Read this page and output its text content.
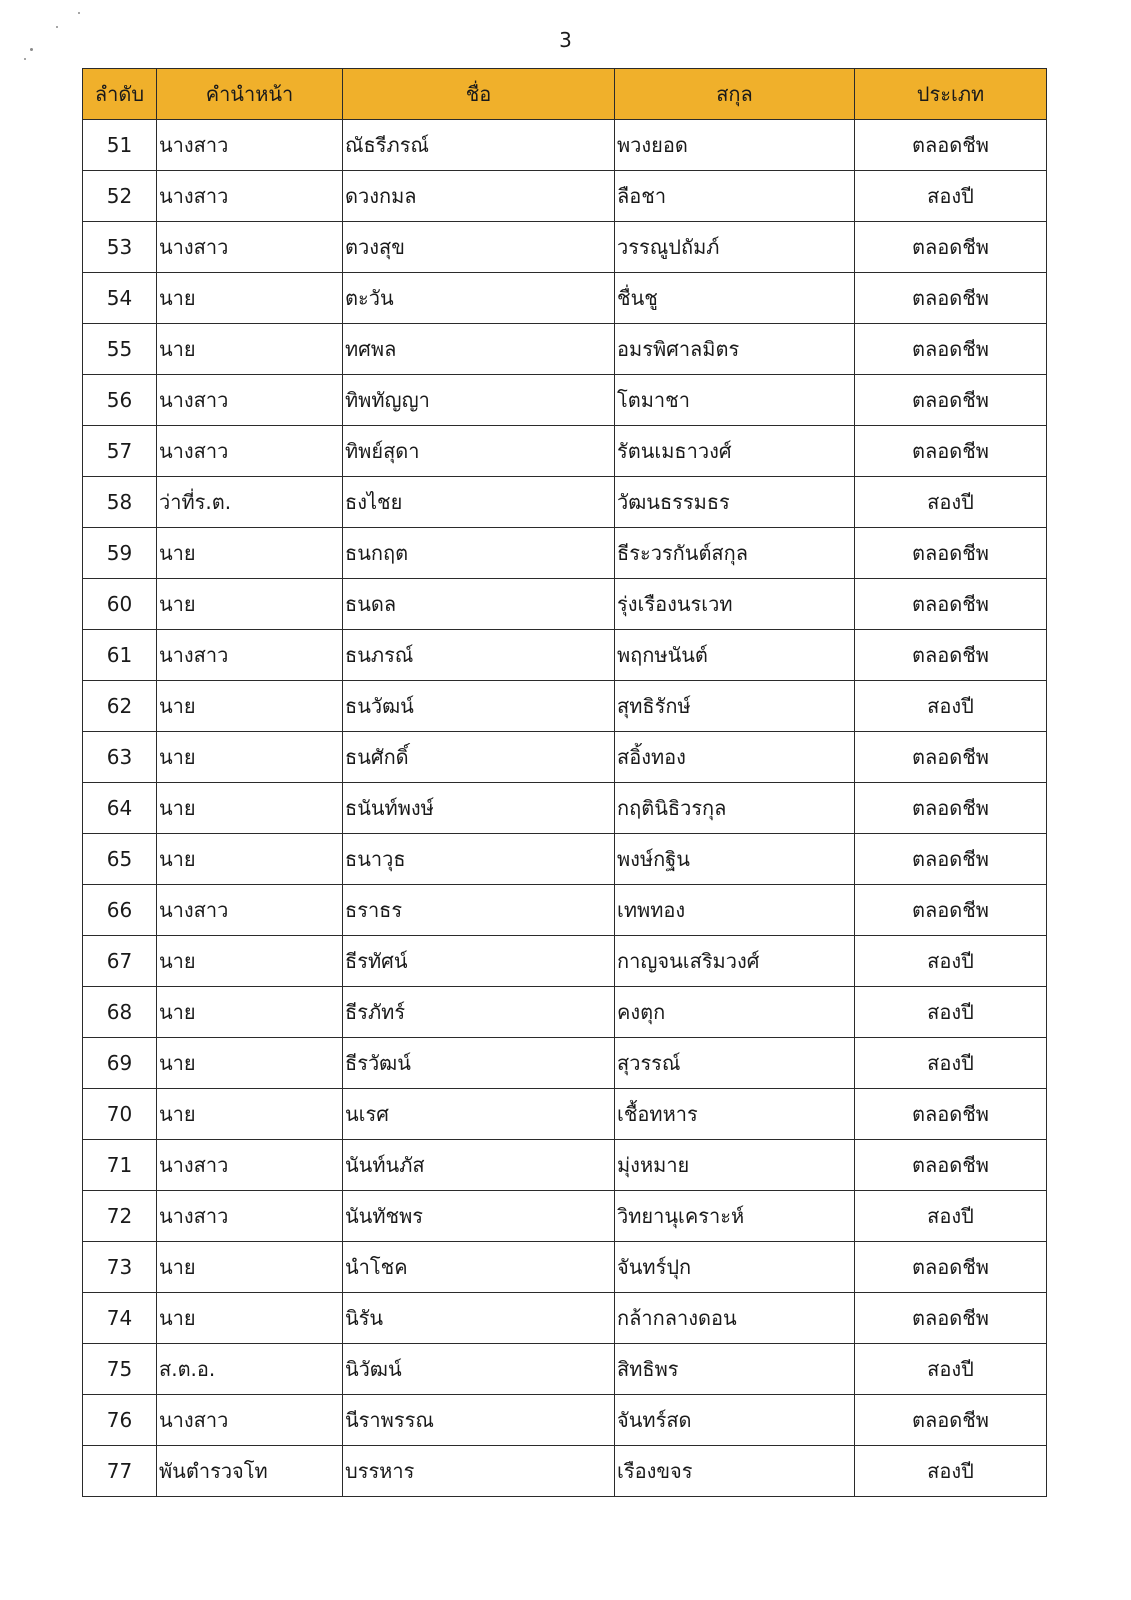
3
ลำดับ	คำนำหน้า	ชื่อ	สกุล	ประเภท
51	นางสาว	ณัธรีภรณ์	พวงยอด	ตลอดชีพ
52	นางสาว	ดวงกมล	ลือชา	สองปี
53	นางสาว	ตวงสุข	วรรณูปถัมภ์	ตลอดชีพ
54	นาย	ตะวัน	ชื่นชู	ตลอดชีพ
55	นาย	ทศพล	อมรพิศาลมิตร	ตลอดชีพ
56	นางสาว	ทิพทัญญา	โตมาชา	ตลอดชีพ
57	นางสาว	ทิพย์สุดา	รัตนเมธาวงศ์	ตลอดชีพ
58	ว่าที่ร.ต.	ธงไชย	วัฒนธรรมธร	สองปี
59	นาย	ธนกฤต	ธีระวรกันต์สกุล	ตลอดชีพ
60	นาย	ธนดล	รุ่งเรืองนรเวท	ตลอดชีพ
61	นางสาว	ธนภรณ์	พฤกษนันต์	ตลอดชีพ
62	นาย	ธนวัฒน์	สุทธิรักษ์	สองปี
63	นาย	ธนศักดิ์	สอิ้งทอง	ตลอดชีพ
64	นาย	ธนันท์พงษ์	กฤตินิธิวรกุล	ตลอดชีพ
65	นาย	ธนาวุธ	พงษ์กฐิน	ตลอดชีพ
66	นางสาว	ธราธร	เทพทอง	ตลอดชีพ
67	นาย	ธีรทัศน์	กาญจนเสริมวงศ์	สองปี
68	นาย	ธีรภัทร์	คงตุก	สองปี
69	นาย	ธีรวัฒน์	สุวรรณ์	สองปี
70	นาย	นเรศ	เชื้อทหาร	ตลอดชีพ
71	นางสาว	นันท์นภัส	มุ่งหมาย	ตลอดชีพ
72	นางสาว	นันทัชพร	วิทยานุเคราะห์	สองปี
73	นาย	นำโชค	จันทร์ปุก	ตลอดชีพ
74	นาย	นิรัน	กล้ากลางดอน	ตลอดชีพ
75	ส.ต.อ.	นิวัฒน์	สิทธิพร	สองปี
76	นางสาว	นีราพรรณ	จันทร์สด	ตลอดชีพ
77	พันตำรวจโท	บรรหาร	เรืองขจร	สองปี
